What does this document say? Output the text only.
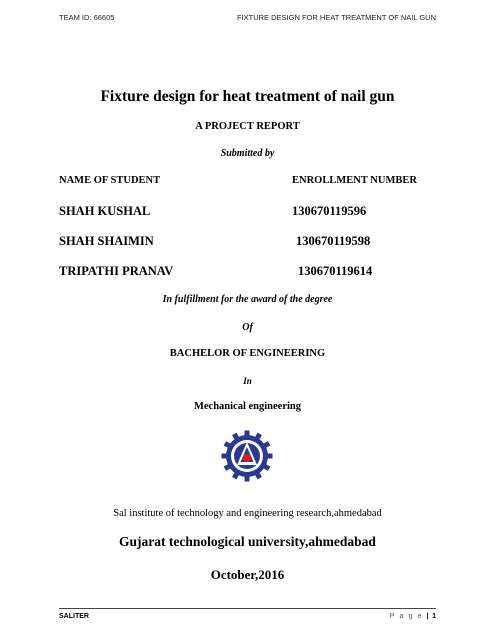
TEAM ID: 66605	FIXTURE DESIGN FOR HEAT TREATMENT OF NAIL GUN
Fixture design for heat treatment of nail gun
A PROJECT REPORT
Submitted by
NAME OF STUDENT	ENROLLMENT NUMBER
SHAH KUSHAL	130670119596
SHAH SHAIMIN	130670119598
TRIPATHI PRANAV	130670119614
In fulfillment for the award of the degree
Of
BACHELOR OF ENGINEERING
In
Mechanical engineering
Sal institute of technology and engineering research,ahmedabad
Gujarat technological university,ahmedabad
October,2016
SALITER	P a g e | 1
